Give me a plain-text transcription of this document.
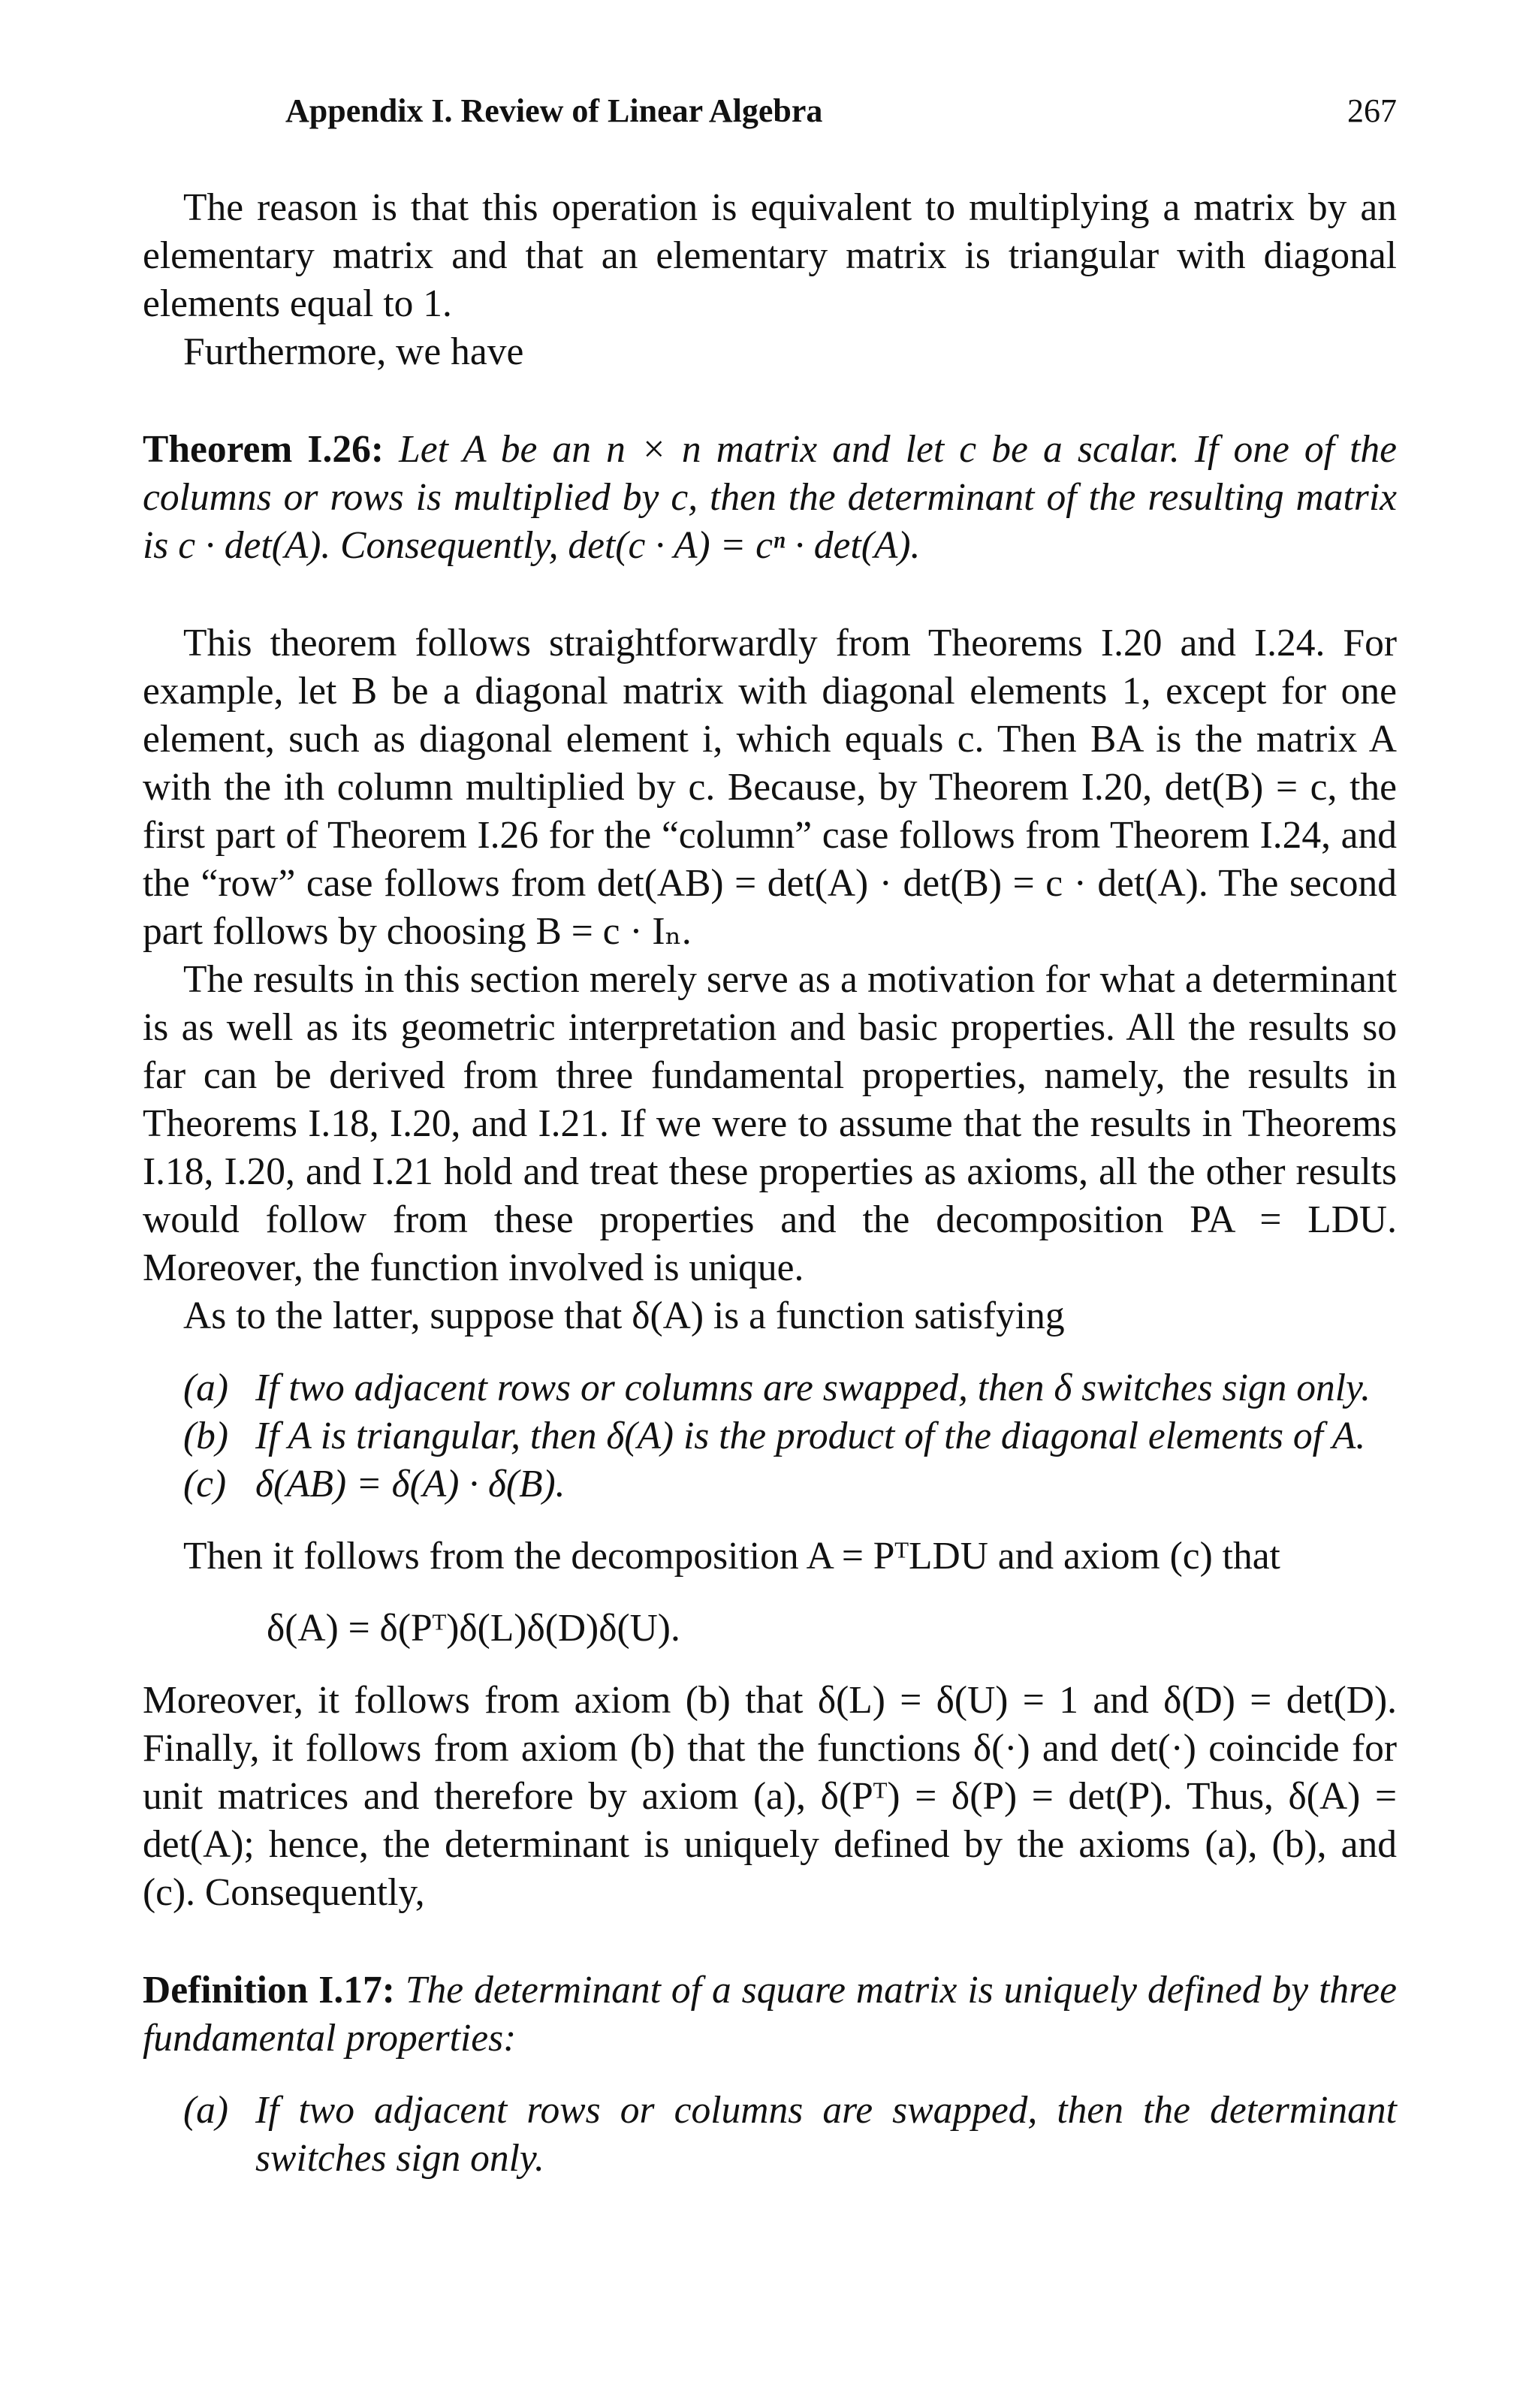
Appendix I. Review of Linear Algebra	267

The reason is that this operation is equivalent to multiplying a matrix by an elementary matrix and that an elementary matrix is triangular with diagonal elements equal to 1.

Furthermore, we have

Theorem I.26: Let A be an n × n matrix and let c be a scalar. If one of the columns or rows is multiplied by c, then the determinant of the resulting matrix is c · det(A). Consequently, det(c · A) = cⁿ · det(A).

This theorem follows straightforwardly from Theorems I.20 and I.24. For example, let B be a diagonal matrix with diagonal elements 1, except for one element, such as diagonal element i, which equals c. Then BA is the matrix A with the ith column multiplied by c. Because, by Theorem I.20, det(B) = c, the first part of Theorem I.26 for the “column” case follows from Theorem I.24, and the “row” case follows from det(AB) = det(A) · det(B) = c · det(A). The second part follows by choosing B = c · Iₙ.

The results in this section merely serve as a motivation for what a determinant is as well as its geometric interpretation and basic properties. All the results so far can be derived from three fundamental properties, namely, the results in Theorems I.18, I.20, and I.21. If we were to assume that the results in Theorems I.18, I.20, and I.21 hold and treat these properties as axioms, all the other results would follow from these properties and the decomposition PA = LDU. Moreover, the function involved is unique.

As to the latter, suppose that δ(A) is a function satisfying

(a) If two adjacent rows or columns are swapped, then δ switches sign only.
(b) If A is triangular, then δ(A) is the product of the diagonal elements of A.
(c) δ(AB) = δ(A) · δ(B).

Then it follows from the decomposition A = PᵀLDU and axiom (c) that

δ(A) = δ(Pᵀ)δ(L)δ(D)δ(U).

Moreover, it follows from axiom (b) that δ(L) = δ(U) = 1 and δ(D) = det(D). Finally, it follows from axiom (b) that the functions δ(·) and det(·) coincide for unit matrices and therefore by axiom (a), δ(Pᵀ) = δ(P) = det(P). Thus, δ(A) = det(A); hence, the determinant is uniquely defined by the axioms (a), (b), and (c). Consequently,

Definition I.17: The determinant of a square matrix is uniquely defined by three fundamental properties:

(a) If two adjacent rows or columns are swapped, then the determinant switches sign only.
